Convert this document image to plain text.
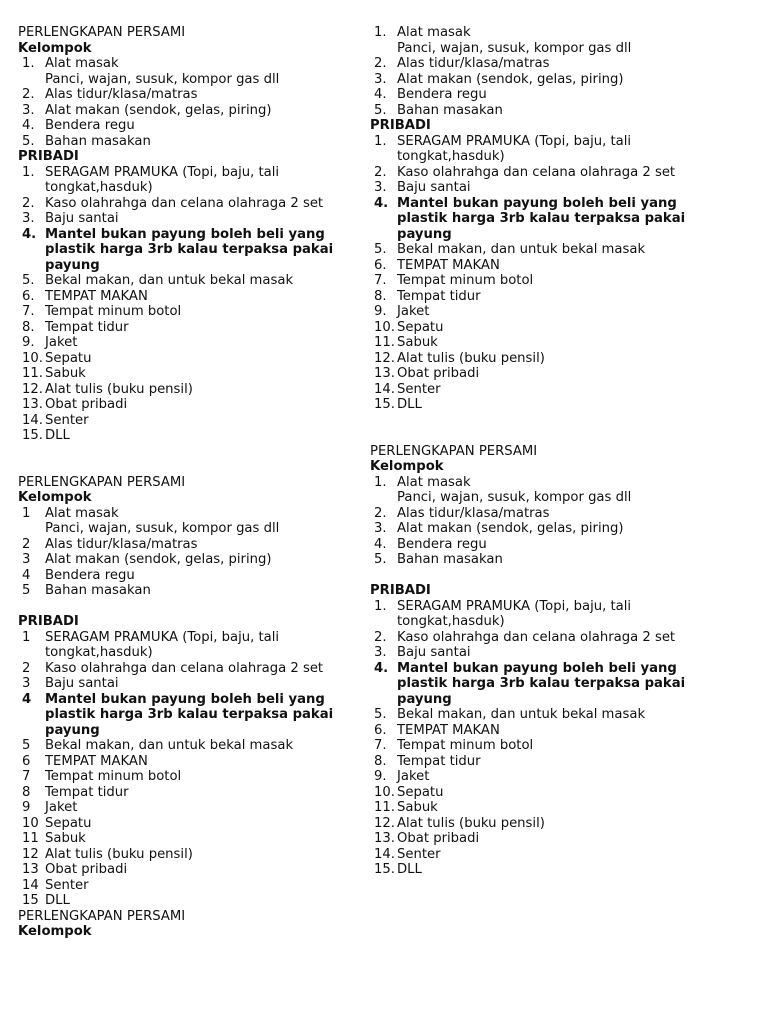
PERLENGKAPAN PERSAMI
Kelompok
1. Alat masak
Panci, wajan, susuk, kompor gas dll
2. Alas tidur/klasa/matras
3. Alat makan (sendok, gelas, piring)
4. Bendera regu
5. Bahan masakan
PRIBADI
1. SERAGAM PRAMUKA (Topi, baju, tali tongkat,hasduk)
2. Kaso olahrahga dan celana olahraga 2 set
3. Baju santai
4. Mantel bukan payung boleh beli yang plastik harga 3rb kalau terpaksa pakai payung
5. Bekal makan, dan untuk bekal masak
6. TEMPAT MAKAN
7. Tempat minum botol
8. Tempat tidur
9. Jaket
10. Sepatu
11. Sabuk
12. Alat tulis (buku pensil)
13. Obat pribadi
14. Senter
15. DLL
PERLENGKAPAN PERSAMI
Kelompok
1	Alat masak
Panci, wajan, susuk, kompor gas dll
2	Alas tidur/klasa/matras
3	Alat makan (sendok, gelas, piring)
4	Bendera regu
5	Bahan masakan
PRIBADI
1	SERAGAM PRAMUKA (Topi, baju, tali tongkat,hasduk)
2	Kaso olahrahga dan celana olahraga 2 set
3	Baju santai
4	Mantel bukan payung boleh beli yang plastik harga 3rb kalau terpaksa pakai payung
5	Bekal makan, dan untuk bekal masak
6	TEMPAT MAKAN
7	Tempat minum botol
8	Tempat tidur
9	Jaket
10 Sepatu
11 Sabuk
12 Alat tulis (buku pensil)
13 Obat pribadi
14 Senter
15 DLL
PERLENGKAPAN PERSAMI
Kelompok
1. Alat masak
Panci, wajan, susuk, kompor gas dll
2. Alas tidur/klasa/matras
3. Alat makan (sendok, gelas, piring)
4. Bendera regu
5. Bahan masakan
PRIBADI
1. SERAGAM PRAMUKA (Topi, baju, tali tongkat,hasduk)
2. Kaso olahrahga dan celana olahraga 2 set
3. Baju santai
4. Mantel bukan payung boleh beli yang plastik harga 3rb kalau terpaksa pakai payung
5. Bekal makan, dan untuk bekal masak
6. TEMPAT MAKAN
7. Tempat minum botol
8. Tempat tidur
9. Jaket
10. Sepatu
11. Sabuk
12. Alat tulis (buku pensil)
13. Obat pribadi
14. Senter
15. DLL
PERLENGKAPAN PERSAMI
Kelompok
1. Alat masak
Panci, wajan, susuk, kompor gas dll
2. Alas tidur/klasa/matras
3. Alat makan (sendok, gelas, piring)
4. Bendera regu
5. Bahan masakan
PRIBADI
1. SERAGAM PRAMUKA (Topi, baju, tali tongkat,hasduk)
2. Kaso olahrahga dan celana olahraga 2 set
3. Baju santai
4. Mantel bukan payung boleh beli yang plastik harga 3rb kalau terpaksa pakai payung
5. Bekal makan, dan untuk bekal masak
6. TEMPAT MAKAN
7. Tempat minum botol
8. Tempat tidur
9. Jaket
10. Sepatu
11. Sabuk
12. Alat tulis (buku pensil)
13. Obat pribadi
14. Senter
15. DLL
